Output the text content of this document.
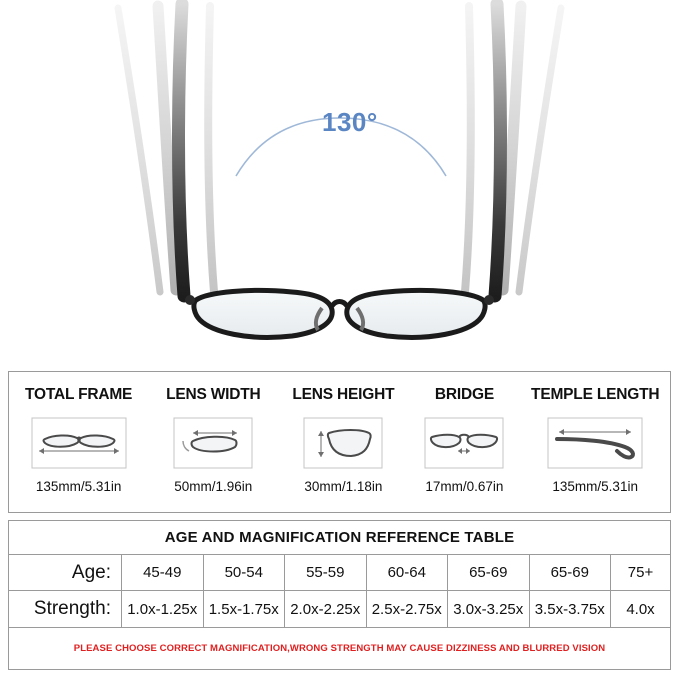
130°
TOTAL FRAME
135mm/5.31in
LENS WIDTH
50mm/1.96in
LENS HEIGHT
30mm/1.18in
BRIDGE
17mm/0.67in
TEMPLE LENGTH
135mm/5.31in
AGE AND MAGNIFICATION REFERENCE TABLE
Age:	45-49	50-54	55-59	60-64	65-69	65-69	75+
Strength:	1.0x-1.25x 1.5x-1.75x 2.0x-2.25x 2.5x-2.75x 3.0x-3.25x 3.5x-3.75x	4.0x
PLEASE CHOOSE CORRECT MAGNIFICATION,WRONG STRENGTH MAY CAUSE DIZZINESS AND BLURRED VISION
